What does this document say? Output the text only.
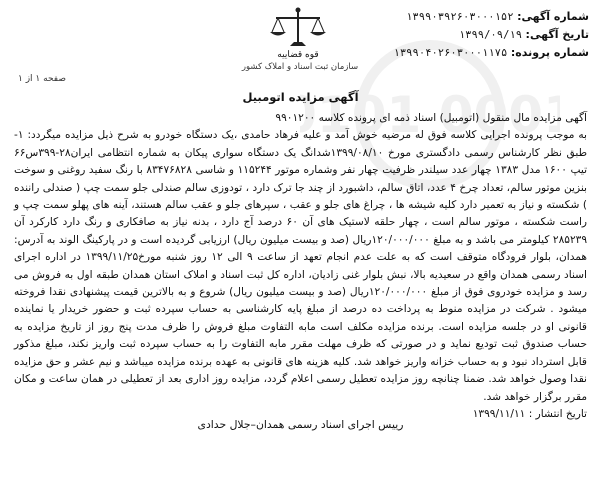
101 000
شماره آگهی: ۱۳۹۹۰۳۹۲۶۰۳۰۰۰۱۵۲
تاریخ آگهی: ۱۳۹۹/۰۹/۱۹
شماره پرونده: ۱۳۹۹۰۴۰۲۶۰۳۰۰۰۱۱۷۵
قوه قضاییه
سازمان ثبت اسناد و املاک کشور
صفحه ۱ از ۱
آگهی مزایده اتومبیل

آگهی مزایده مال منقول (اتومبیل) اسناد ذمه ای پرونده کلاسه ۹۹۰۱۲۰۰

به موجب پرونده اجرایی کلاسه فوق له مرضیه خوش آمد و علیه فرهاد حامدی ،یک دستگاه خودرو به شرح ذیل مزایده میگردد: ۱- طبق نظر کارشناس رسمی دادگستری مورخ ۱۳۹۹/۰۸/۱۰شدانگ یک دستگاه سواری پیکان به شماره انتظامی ایران۲۸-۳۹۹س۶۶ تیپ ۱۶۰۰ مدل ۱۳۸۳ چهار عدد سیلندر ظرفیت چهار نفر وشماره موتور ۱۱۵۲۴۴ و شاسی ۸۳۴۷۶۸۲۸ با رنگ سفید روغنی و سوخت بنزین موتور سالم، تعداد چرخ ۴ عدد، اتاق سالم، داشبورد از چند جا ترک دارد ، تودوزی سالم صندلی جلو سمت چپ ( صندلی راننده ) شکسته و نیاز به تعمیر دارد کلیه شیشه ها ، چراغ های جلو و عقب ، سپرهای جلو و عقب سالم هستند، آینه های پهلو سمت چپ و راست شکسته ، موتور سالم است ، چهار حلقه لاستیک های آن ۶۰ درصد آج دارد ، بدنه نیاز به صافکاری و رنگ دارد کارکرد آن ۲۸۵۲۳۹ کیلومتر می باشد و به مبلغ ۱۲۰/۰۰۰/۰۰۰ریال (صد و بیست میلیون ریال) ارزیابی گردیده است و در پارکینگ الوند به آدرس: همدان، بلوار فرودگاه متوقف است که به علت عدم انجام تعهد از ساعت ۹ الی ۱۲ روز شنبه مورخ۱۳۹۹/۱۱/۲۵ در اداره اجرای اسناد رسمی همدان واقع در سعیدیه بالا، نبش بلوار غنی زادیان، اداره کل ثبت اسناد و املاک استان همدان طبقه اول به فروش می رسد و مزایده خودروی فوق از مبلغ ۱۲۰/۰۰۰/۰۰۰ریال (صد و بیست میلیون ریال) شروع و به بالاترین قیمت پیشنهادی نقدا فروخته میشود . شرکت در مزایده منوط به پرداخت ده درصد از مبلغ پایه کارشناسی به حساب سپرده ثبت و حضور خریدار یا نماینده قانونی او در جلسه مزایده است. برنده مزایده مکلف است مابه التفاوت مبلغ فروش را ظرف مدت پنج روز از تاریخ مزایده به حساب صندوق ثبت تودیع نماید و در صورتی که ظرف مهلت مقرر مابه التفاوت را به حساب سپرده ثبت واریز نکند، مبلغ مذکور قابل استرداد نبود و به حساب خزانه واریز خواهد شد. کلیه هزینه های قانونی به عهده برنده مزایده میباشد و نیم عشر و حق مزایده نقدا وصول خواهد شد. ضمنا چنانچه روز مزایده تعطیل رسمی اعلام گردد، مزایده روز اداری بعد از تعطیلی در همان ساعت و مکان مقرر برگزار خواهد شد.

تاریخ انتشار : ۱۳۹۹/۱۱/۱۱

رییس اجرای اسناد رسمی همدان–جلال حدادی
